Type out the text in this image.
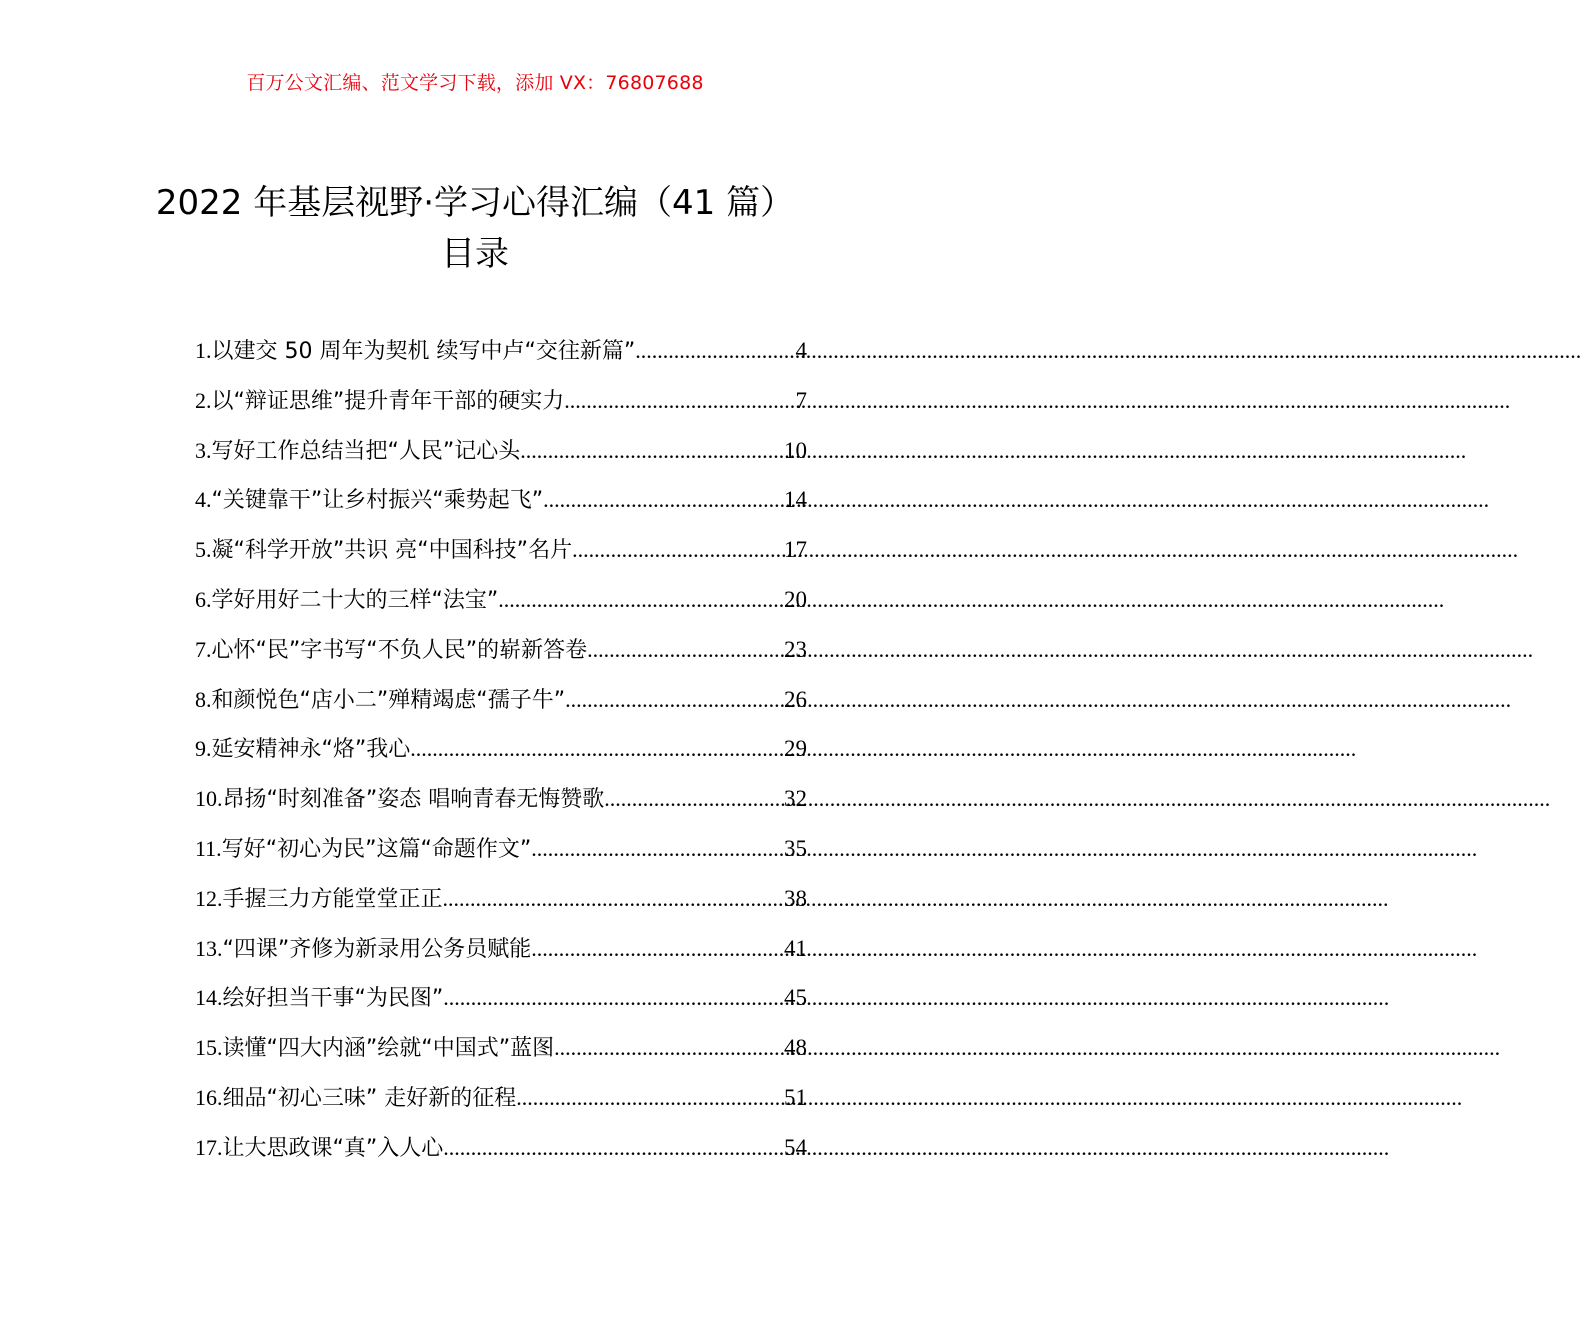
百万公文汇编、范文学习下载，添加 VX：76807688
2022 年基层视野·学习心得汇编（41 篇）
目录
1. 以建交 50 周年为契机 续写中卢“交往新篇” .....	4
2. 以“辩证思维”提升青年干部的硬实力 .....	7
3. 写好工作总结当把“人民”记心头 .....	10
4. “关键靠干”让乡村振兴“乘势起飞” .....	14
5. 凝“科学开放”共识 亮“中国科技”名片 .....	17
6. 学好用好二十大的三样“法宝” .....	20
7. 心怀“民”字书写“不负人民”的崭新答卷 .....	23
8. 和颜悦色“店小二”殚精竭虑“孺子牛” .....	26
9. 延安精神永“烙”我心 .....	29
10. 昂扬“时刻准备”姿态 唱响青春无悔赞歌 .....	32
11. 写好“初心为民”这篇“命题作文” .....	35
12. 手握三力方能堂堂正正 .....	38
13. “四课”齐修为新录用公务员赋能 .....	41
14. 绘好担当干事“为民图” .....	45
15. 读懂“四大内涵”绘就“中国式”蓝图 .....	48
16. 细品“初心三味” 走好新的征程 .....	51
17. 让大思政课“真”入人心 .....	54
